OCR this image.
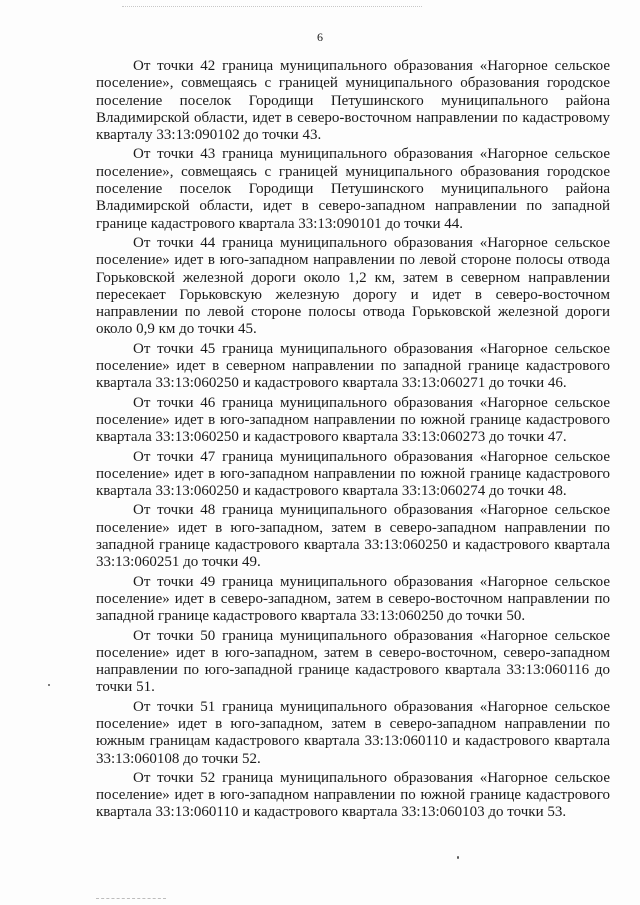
6

От точки 42 граница муниципального образования «Нагорное сельское поселение», совмещаясь с границей муниципального образования городское поселение поселок Городищи Петушинского муниципального района Владимирской области, идет в северо-восточном направлении по кадастровому кварталу 33:13:090102 до точки 43.

От точки 43 граница муниципального образования «Нагорное сельское поселение», совмещаясь с границей муниципального образования городское поселение поселок Городищи Петушинского муниципального района Владимирской области, идет в северо-западном направлении по западной границе кадастрового квартала 33:13:090101 до точки 44.

От точки 44 граница муниципального образования «Нагорное сельское поселение» идет в юго-западном направлении по левой стороне полосы отвода Горьковской железной дороги около 1,2 км, затем в северном направлении пересекает Горьковскую железную дорогу и идет в северо-восточном направлении по левой стороне полосы отвода Горьковской железной дороги около 0,9 км до точки 45.

От точки 45 граница муниципального образования «Нагорное сельское поселение» идет в северном направлении по западной границе кадастрового квартала 33:13:060250 и кадастрового квартала 33:13:060271 до точки 46.

От точки 46 граница муниципального образования «Нагорное сельское поселение» идет в юго-западном направлении по южной границе кадастрового квартала 33:13:060250 и кадастрового квартала 33:13:060273 до точки 47.

От точки 47 граница муниципального образования «Нагорное сельское поселение» идет в юго-западном направлении по южной границе кадастрового квартала 33:13:060250 и кадастрового квартала 33:13:060274 до точки 48.

От точки 48 граница муниципального образования «Нагорное сельское поселение» идет в юго-западном, затем в северо-западном направлении по западной границе кадастрового квартала 33:13:060250 и кадастрового квартала 33:13:060251 до точки 49.

От точки 49 граница муниципального образования «Нагорное сельское поселение» идет в северо-западном, затем в северо-восточном направлении по западной границе кадастрового квартала 33:13:060250 до точки 50.

От точки 50 граница муниципального образования «Нагорное сельское поселение» идет в юго-западном, затем в северо-восточном, северо-западном направлении по юго-западной границе кадастрового квартала 33:13:060116 до точки 51.

От точки 51 граница муниципального образования «Нагорное сельское поселение» идет в юго-западном, затем в северо-западном направлении по южным границам кадастрового квартала 33:13:060110 и кадастрового квартала 33:13:060108 до точки 52.

От точки 52 граница муниципального образования «Нагорное сельское поселение» идет в юго-западном направлении по южной границе кадастрового квартала 33:13:060110 и кадастрового квартала 33:13:060103 до точки 53.
